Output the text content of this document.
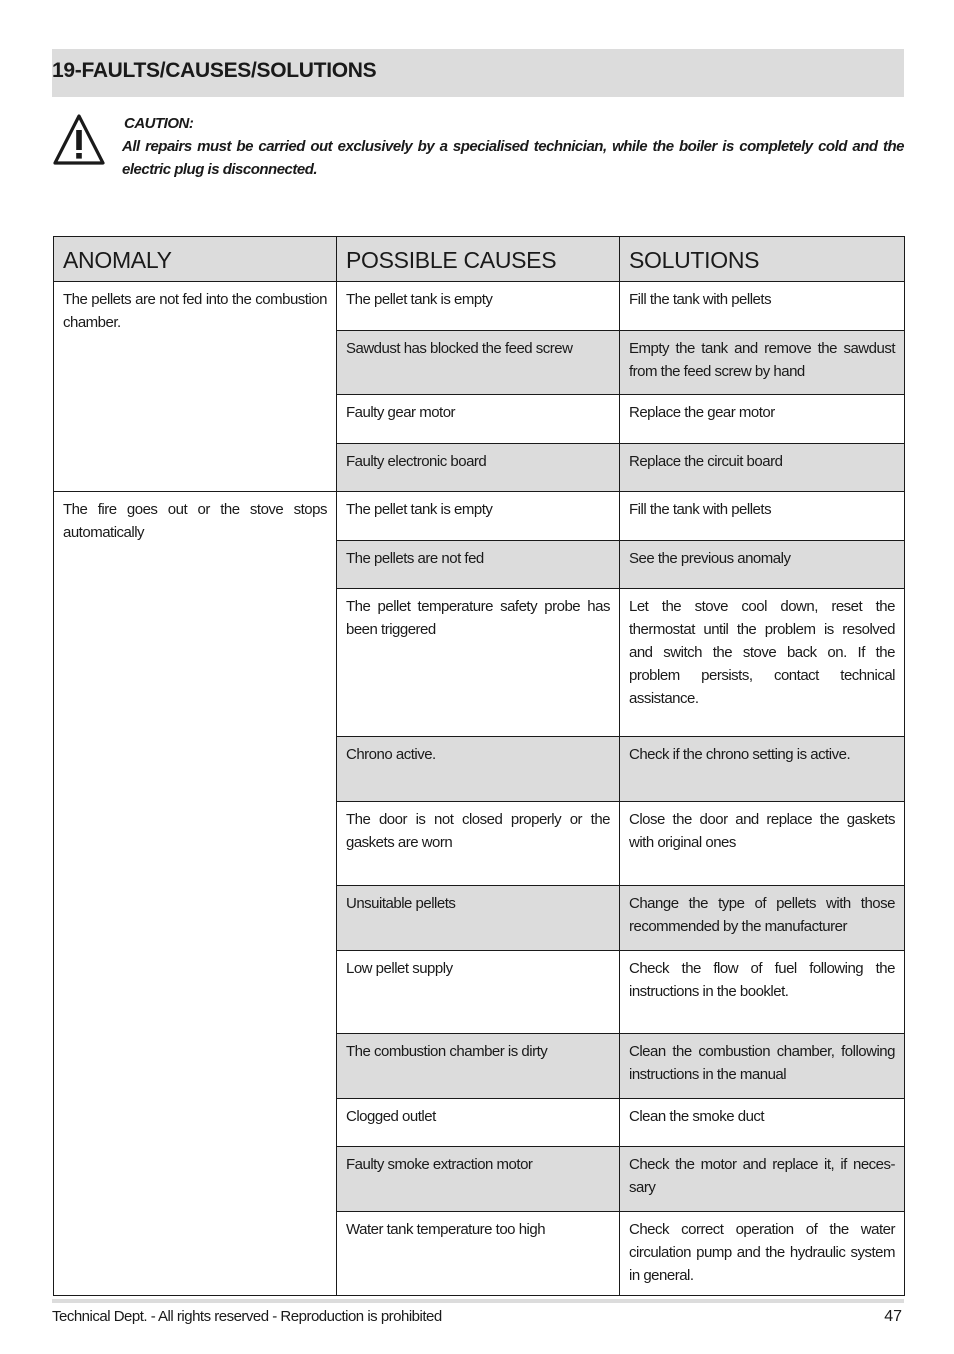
19-FAULTS/CAUSES/SOLUTIONS
CAUTION:
All repairs must be carried out exclusively by a specialised technician, while the boiler is completely cold and the electric plug is disconnected.
ANOMALY	POSSIBLE CAUSES	SOLUTIONS
The pellets are not fed into the combustion chamber.	The pellet tank is empty	Fill the tank with pellets
	Sawdust has blocked the feed screw	Empty the tank and remove the sawdust from the feed screw by hand
	Faulty gear motor	Replace the gear motor
	Faulty electronic board	Replace the circuit board
The fire goes out or the stove stops automatically	The pellet tank is empty	Fill the tank with pellets
	The pellets are not fed	See the previous anomaly
	The pellet temperature safety probe has been triggered	Let the stove cool down, reset the thermostat until the problem is resolved and switch the stove back on. If the problem persists, contact technical assistance.
	Chrono active.	Check if the chrono setting is active.
	The door is not closed properly or the gaskets are worn	Close the door and replace the gaskets with original ones
	Unsuitable pellets	Change the type of pellets with those recommended by the manufacturer
	Low pellet supply	Check the flow of fuel following the instructions in the booklet.
	The combustion chamber is dirty	Clean the combustion chamber, following instructions in the manual
	Clogged outlet	Clean the smoke duct
	Faulty smoke extraction motor	Check the motor and replace it, if neces-sary
	Water tank temperature too high	Check correct operation of the water circulation pump and the hydraulic system in general.
Technical Dept. - All rights reserved - Reproduction is prohibited	47
